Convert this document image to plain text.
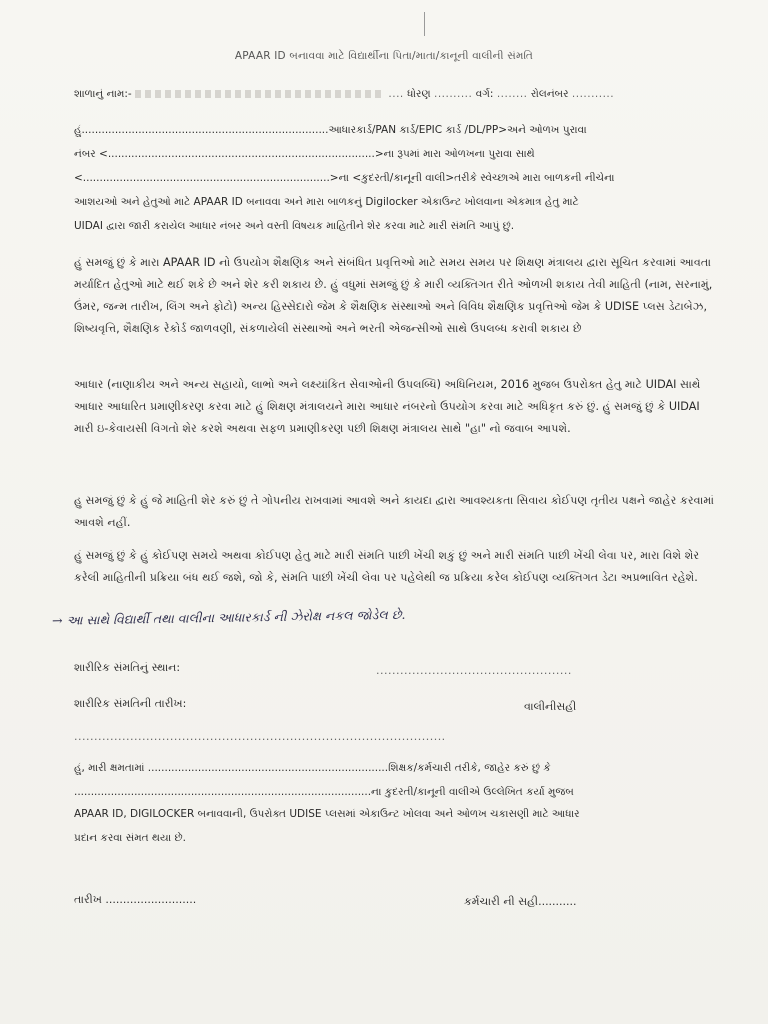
APAAR ID બનાવવા માટે વિદ્યાર્થીના પિતા/માતા/કાનૂની વાલીની સંમતિ
શાળાનું નામ:-	.... ધોરણ .......... વર્ગ: ........ રોલનંબર ...........
હું..........................................................................આધારકાર્ડ/PAN કાર્ડ/EPIC કાર્ડ /DL/PP>અને ઓળખ પુરાવા
નંબર <................................................................................>ના રૂપમાં મારા ઓળખના પુરાવા સાથે
<..........................................................................>ના <કુદરતી/કાનૂની વાલી>તરીકે સ્વેચ્છાએ મારા બાળકની નીચેના
આશયઓ અને હેતુઓ માટે APAAR ID બનાવવા અને મારા બાળકનું Digilocker એકાઉન્ટ ખોલવાના એકમાત્ર હેતુ માટે
UIDAI દ્વારા જારી કરાયેલ આધાર નંબર અને વસ્તી વિષયક માહિતીને શેર કરવા માટે મારી સંમતિ આપું છું.
હું સમજું છું કે મારા APAAR ID નો ઉપયોગ શૈક્ષણિક અને સંબંધિત પ્રવૃત્તિઓ માટે સમય સમય પર શિક્ષણ મંત્રાલય દ્વારા સૂચિત કરવામાં આવતા મર્યાદિત હેતુઓ માટે થઈ શકે છે અને શેર કરી શકાય છે. હું વધુમાં સમજું છું કે મારી વ્યક્તિગત રીતે ઓળખી શકાય તેવી માહિતી (નામ, સરનામું, ઉંમર, જન્મ તારીખ, લિંગ અને ફોટો) અન્ય હિસ્સેદારો જેમ કે શૈક્ષણિક સંસ્થાઓ અને વિવિધ શૈક્ષણિક પ્રવૃત્તિઓ જેમ કે UDISE પ્લસ ડેટાબેઝ, શિષ્યવૃત્તિ, શૈક્ષણિક રેકોર્ડ જાળવણી, સંકળાયેલી સંસ્થાઓ અને ભરતી એજન્સીઓ સાથે ઉપલબ્ધ કરાવી શકાય છે
આધાર (નાણાકીય અને અન્ય સહાયો, લાભો અને લક્ષ્યાંકિત સેવાઓની ઉપલબ્ધિ) અધિનિયમ, 2016 મુજબ ઉપરોક્ત હેતુ માટે UIDAI સાથે આધાર આધારિત પ્રમાણીકરણ કરવા માટે હું શિક્ષણ મંત્રાલયને મારા આધાર નંબરનો ઉપયોગ કરવા માટે અધિકૃત કરું છું. હું સમજું છું કે UIDAI મારી ઇ-કેવાયસી વિગતો શેર કરશે અથવા સફળ પ્રમાણીકરણ પછી શિક્ષણ મંત્રાલય સાથે "હા" નો જવાબ આપશે.
હુ સમજું છું કે હું જે માહિતી શેર કરું છું તે ગોપનીય રાખવામાં આવશે અને કાયદા દ્વારા આવશ્યકતા સિવાય કોઈપણ તૃતીય પક્ષને જાહેર કરવામાં આવશે નહીં.
હું સમજું છું કે હું કોઈપણ સમયે અથવા કોઈપણ હેતુ માટે મારી સંમતિ પાછી ખેંચી શકું છું અને મારી સંમતિ પાછી ખેંચી લેવા પર, મારા વિશે શેર કરેલી માહિતીની પ્રક્રિયા બંધ થઈ જશે, જો કે, સંમતિ પાછી ખેંચી લેવા પર પહેલેથી જ પ્રક્રિયા કરેલ કોઈપણ વ્યક્તિગત ડેટા અપ્રભાવિત રહેશે.
→ આ સાથે વિદ્યાર્થી તથા વાલીના આધારકાર્ડ ની ઝેરોક્ષ નકલ જોડેલ છે.
શારીરિક સંમતિનું સ્થાન:	.................................................
શારીરિક સંમતિની તારીખ:	વાલીનીસહી
.............................................................................................
હું, મારી ક્ષમતામાં ........................................................................શિક્ષક/કર્મચારી તરીકે, જાહેર કરું છું કે
.........................................................................................ના કુદરતી/કાનૂની વાલીએ ઉલ્લેખિત કર્યા મુજબ
APAAR ID, DIGILOCKER બનાવવાની, ઉપરોક્ત UDISE પ્લસમાં એકાઉન્ટ ખોલવા અને ઓળખ ચકાસણી માટે આધાર
પ્રદાન કરવા સંમત થયા છે.
તારીખ ..........................	કર્મચારી ની સહી...........
